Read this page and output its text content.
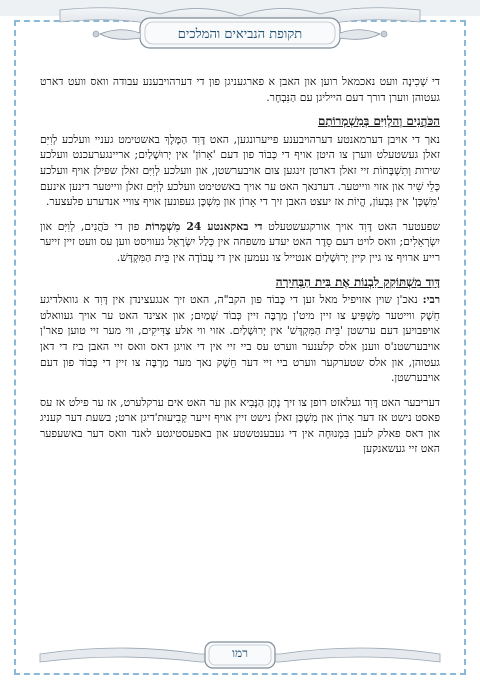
תקופת הנביאים והמלכים

די שְׁכִינָה וועט נאכמאל רוען און האבן א פארגעניגן פון די דערהויבענע עבודה וואס וועט דארט געטוהן ווערן דורך דעם הייליגן עם הַנִּבְחָר.

הַכֹּהֲנִים וְהַלְוִיִּם בְּמִשְׁמְרוֹתָם

נאך די אויבן דערמאנטע דערהויבענע פייערונגען, האט דָּוִד הַמֶּלֶךְ באשטימט געניי וועלכע לְוִיִּם זאלן געשטעלט ווערן צו היטן אויף די כְּבוֹד פון דעם 'אָרוֹן' אין יְרוּשָׁלַיִם; אריינגערעכנט וועלכע שירות וְתִשְׁבָּחוֹת זיי זאלן דארטן זינגען צום אויבערשטן, און וועלכע לְוִיִּם זאלן שפילן אויף וועלכע כְּלֵי שִׁיר און אזוי ווייטער. דערנאך האט ער אויך באשטימט וועלכע לְוִיִּם זאלן ווייטער דינען אינעם 'מִשְׁכָּן' אין גִּבְעוֹן, הֱיוֹת אז יעצט האבן זיך די אָרוֹן און מִשְׁכָּן געפונען אויף צוויי אנדערע פלעצער.

שפעטער האט דָּוִד אויך אורקגעשטעלט די באקאנטע 24 מִשְׁמָרוֹת פון די כֹּהֲנִים, לְוִיִּם און יִשְׂרְאֵלִים; וואס לויט דעם סֵדֶר האט יעדע משפחה אין כְּלַל יִשְׂרָאֵל געוויסט ווען עס וועט זיין זייער רייע ארויף צו גיין קיין יְרוּשָׁלַיִם אנטייל צו נעמען אין די עֲבוֹדָה אין בֵּית הַמִּקְדָּשׁ.

דָּוִד מִשְׁתּוֹקֵק לִבְנוֹת אֶת בֵּית הַבְּחִירָה

רבי: נאכ'ן שוין אזויפיל מאל זען די כָּבוֹד פון הקב"ה, האט זיך אנגעצינדן אין דָּוִד א גוואלדיגע חֵשֶׁק ווייטער מַשְׁפִּיעַ צו זיין מיט'ן מַרְבֶּה זיין כְּבוֹד שָׁמַיִם; און אצינד האט ער אויך געוואלט אויפבויען דעם ערשטן 'בֵּית הַמִּקְדָּשׁ' אין יְרוּשָׁלַיִם. אזוי ווי אלע צַדִּיקִים, ווי מער זיי טוען פאר'ן אויבערשטנ'ס ווענן אלס קלענער ווערט עס ביי זיי אין די אויגן דאס וואס זיי האבן ביז די דאן געטוהן, און אלס שטערקער ווערט ביי זיי דער חֵשֶׁק נאך מער מַרְבֶּה צו זיין די כָּבוֹד פון דעם אויבערשטן.

דעריבער האט דָּוִד געלאזט רופן צו זיך נָתָן הַנָּבִיא און ער האט אים ערקלערט, אז ער פילט אז עס פאסט נישט אז דער אָרוֹן און מִשְׁכָּן זאלן נישט זיין אויף זייער קְבִיעוּת'דיגן ארט; בשעת דער קעניג און דאס פאלק לעבן בִּמְנוּחָה אין די געבענטשטע און באפעסטיגטע לאנד וואס דער באשעפער האט זיי געשאנקען

רמו
